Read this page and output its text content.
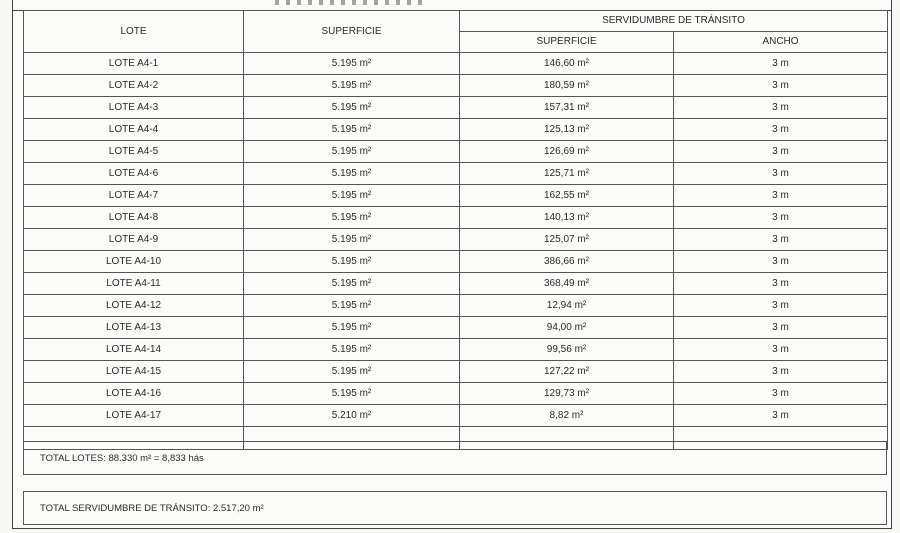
LOTE	SUPERFICIE	SERVIDUMBRE DE TRÁNSITO	
		SUPERFICIE	ANCHO
LOTE A4-1	5.195 m²	146,60 m²	3 m
LOTE A4-2	5.195 m²	180,59 m²	3 m
LOTE A4-3	5.195 m²	157,31 m²	3 m
LOTE A4-4	5.195 m²	125,13 m²	3 m
LOTE A4-5	5.195 m²	126,69 m²	3 m
LOTE A4-6	5.195 m²	125,71 m²	3 m
LOTE A4-7	5.195 m²	162,55 m²	3 m
LOTE A4-8	5.195 m²	140,13 m²	3 m
LOTE A4-9	5.195 m²	125,07 m²	3 m
LOTE A4-10	5.195 m²	386,66 m²	3 m
LOTE A4-11	5.195 m²	368,49 m²	3 m
LOTE A4-12	5.195 m²	12,94 m²	3 m
LOTE A4-13	5.195 m²	94,00 m²	3 m
LOTE A4-14	5.195 m²	99,56 m²	3 m
LOTE A4-15	5.195 m²	127,22 m²	3 m
LOTE A4-16	5.195 m²	129,73 m²	3 m
LOTE A4-17	5.210 m²	8,82 m²	3 m

TOTAL LOTES: 88.330 m² = 8,833 hás
TOTAL SERVIDUMBRE DE TRÁNSITO: 2.517,20 m²
